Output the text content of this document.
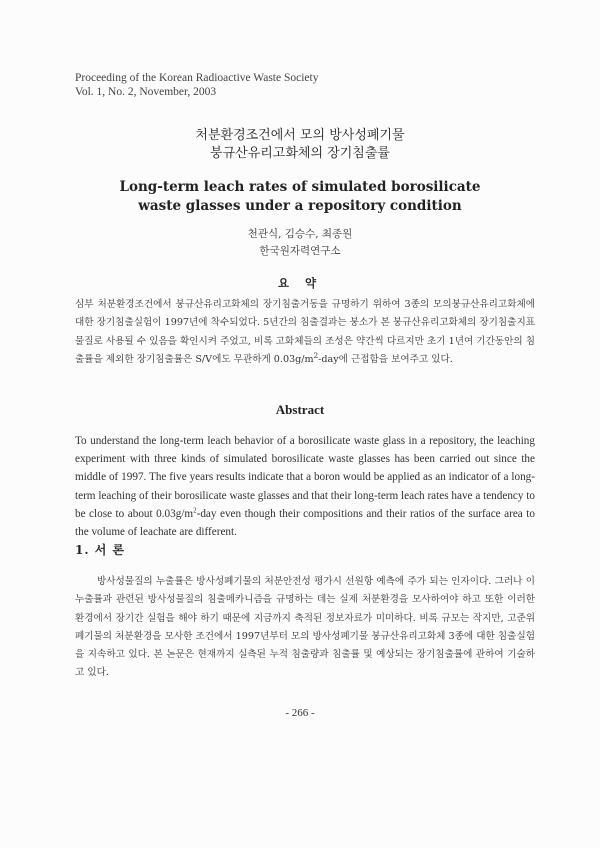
Proceeding of the Korean Radioactive Waste Society
Vol. 1, No. 2, November, 2003
처분환경조건에서 모의 방사성폐기물
붕규산유리고화체의 장기침출률
Long-term leach rates of simulated borosilicate
waste glasses under a repository condition
천관식, 김승수, 최종원
한국원자력연구소
요 약
심부 처분환경조건에서 붕규산유리고화체의 장기침출거동을 규명하기 위하여 3종의 모의붕규산유리고화체에 대한 장기침출실험이 1997년에 착수되었다. 5년간의 침출결과는 붕소가 본 붕규산유리고화체의 장기침출지표물질로 사용될 수 있음을 확인시켜 주었고, 비록 고화체들의 조성은 약간씩 다르지만 초기 1년여 기간동안의 침출률을 제외한 장기침출률은 S/V에도 무관하게 $0.03g/m^2$-day에 근접함을 보여주고 있다.
Abstract
To understand the long-term leach behavior of a borosilicate waste glass in a repository, the leaching experiment with three kinds of simulated borosilicate waste glasses has been carried out since the middle of 1997. The five years results indicate that a boron would be applied as an indicator of a long-term leaching of their borosilicate waste glasses and that their long-term leach rates have a tendency to be close to about $0.03g/m^2$-day even though their compositions and their ratios of the surface area to the volume of leachate are different.
1. 서 론
방사성물질의 누출률은 방사성폐기물의 처분안전성 평가시 선원항 예측에 주가 되는 인자이다. 그러나 이 누출률과 관련된 방사성물질의 침출메카니즘을 규명하는 데는 실제 처분환경을 모사하여야 하고 또한 이러한 환경에서 장기간 실험을 해야 하기 때문에 지금까지 축적된 정보자료가 미미하다. 비록 규모는 작지만, 고준위폐기물의 처분환경을 모사한 조건에서 1997년부터 모의 방사성폐기물 붕규산유리고화체 3종에 대한 침출실험을 지속하고 있다. 본 논문은 현재까지 실측된 누적 침출량과 침출률 및 예상되는 장기침출률에 관하여 기술하고 있다.
- 266 -
